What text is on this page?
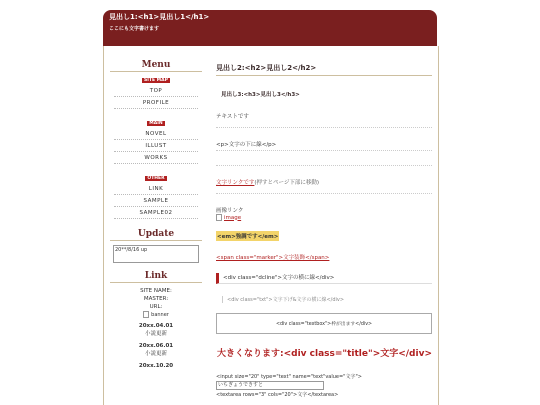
見出し1:<h1>見出し1</h1>
ここにも文字書けます
Menu
SITE MAP
TOP
PROFILE
MAIN
NOVEL
ILLUST
WORKS
OTHER
LINK
SAMPLE
SAMPLE02
Update
20**/8/16 up
Link
SITE NAME:
MASTER:
URL:
banner
20xx.04.01
小説更新
20xx.06.01
小説更新
20xx.10.20
見出し2:<h2>見出し2</h2>
見出し3:<h3>見出し3</h3>
テキストです
<p>文字の下に線</p>
文字リンクです(押すとページ下部に移動)
画像リンク
image
<em>強調です</em>
<span class="marker">文字装飾</span>
<div class="dcline">文字の横に線</div>
<div class="txt">文字下げ&文字の横に線</div>
<div class="textbox">枠が出ます</div>
大きくなります:<div class="title">文字</div>
<input size="20" type="text" name="text"value="文字">
いちぎょうできすと
<textarea rows="3" cols="20">文字</textarea>
